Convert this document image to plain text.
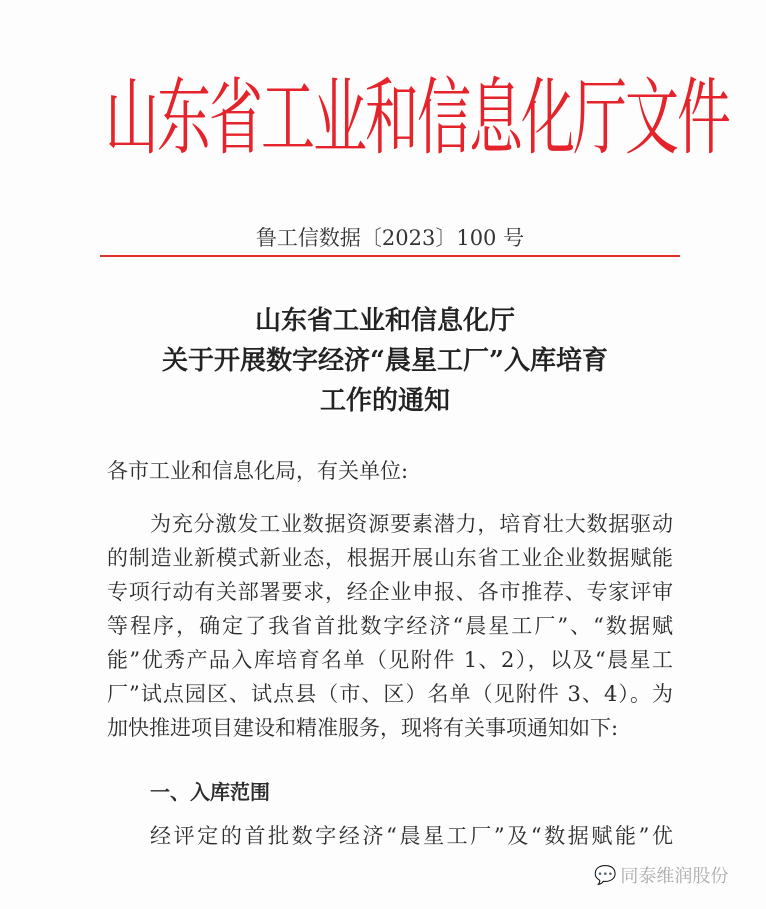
山东省工业和信息化厅文件
鲁工信数据〔2023〕100 号
山东省工业和信息化厅
关于开展数字经济“晨星工厂”入库培育
工作的通知
各市工业和信息化局，有关单位:
为充分激发工业数据资源要素潜力，培育壮大数据驱动
的制造业新模式新业态，根据开展山东省工业企业数据赋能
专项行动有关部署要求，经企业申报、各市推荐、专家评审
等程序，确定了我省首批数字经济“晨星工厂”、“数据赋
能”优秀产品入库培育名单（见附件 1、2），以及“晨星工
厂”试点园区、试点县（市、区）名单（见附件 3、4）。为
加快推进项目建设和精准服务，现将有关事项通知如下:
一、入库范围
经评定的首批数字经济“晨星工厂”及“数据赋能”优
💬 同泰维润股份
